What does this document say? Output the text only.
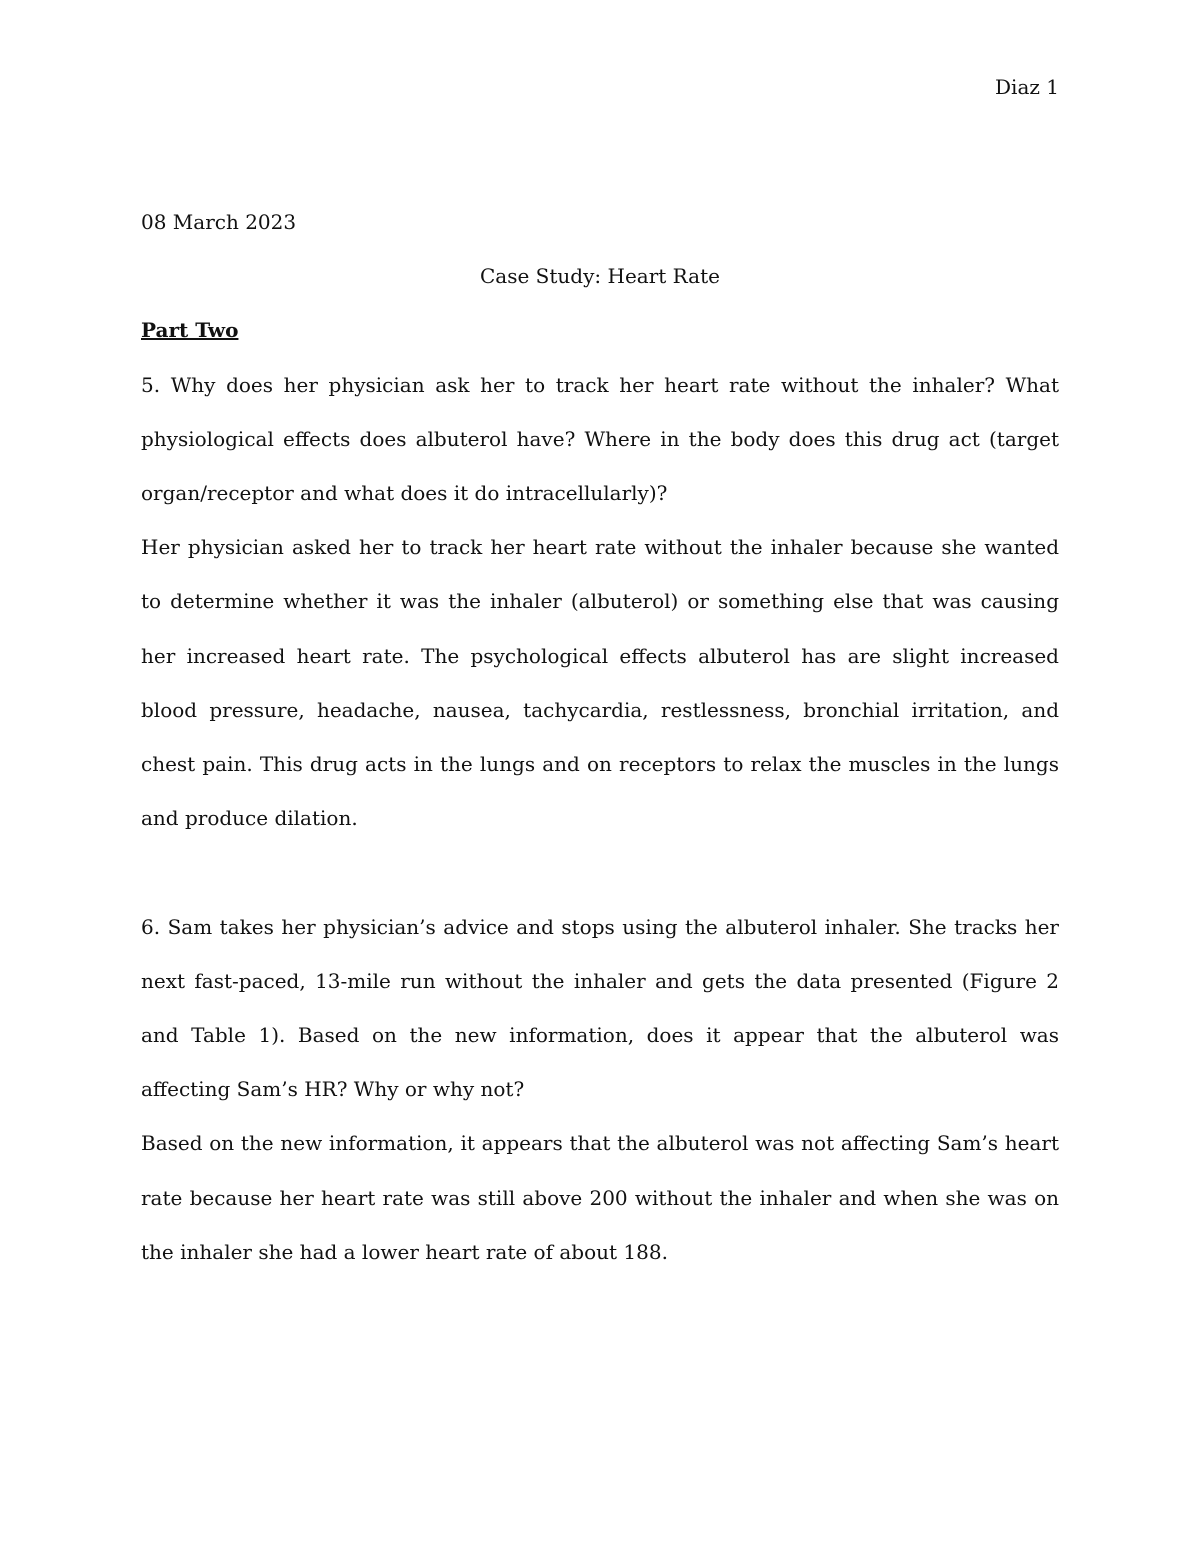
Diaz 1

08 March 2023

Case Study: Heart Rate

Part Two

5. Why does her physician ask her to track her heart rate without the inhaler? What physiological effects does albuterol have? Where in the body does this drug act (target organ/receptor and what does it do intracellularly)?

Her physician asked her to track her heart rate without the inhaler because she wanted to determine whether it was the inhaler (albuterol) or something else that was causing her increased heart rate. The psychological effects albuterol has are slight increased blood pressure, headache, nausea, tachycardia, restlessness, bronchial irritation, and chest pain. This drug acts in the lungs and on receptors to relax the muscles in the lungs and produce dilation.

6. Sam takes her physician’s advice and stops using the albuterol inhaler. She tracks her next fast-paced, 13-mile run without the inhaler and gets the data presented (Figure 2 and Table 1). Based on the new information, does it appear that the albuterol was affecting Sam’s HR? Why or why not?

Based on the new information, it appears that the albuterol was not affecting Sam’s heart rate because her heart rate was still above 200 without the inhaler and when she was on the inhaler she had a lower heart rate of about 188.
